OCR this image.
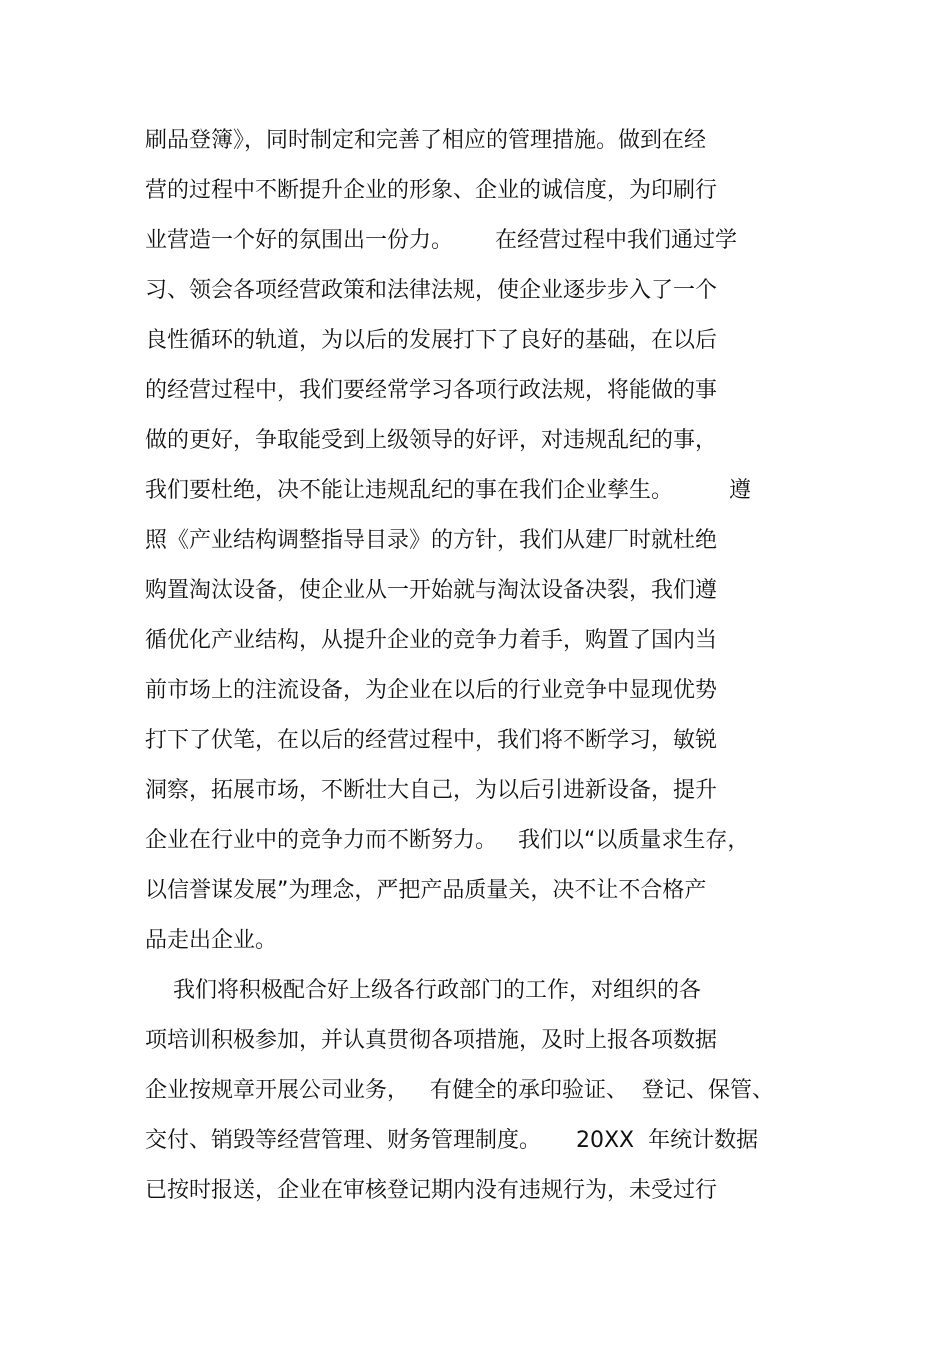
刷品登簿》，同时制定和完善了相应的管理措施。做到在经
营的过程中不断提升企业的形象、企业的诚信度，为印刷行
业营造一个好的氛围出一份力。      在经营过程中我们通过学
习、领会各项经营政策和法律法规，使企业逐步步入了一个
良性循环的轨道，为以后的发展打下了良好的基础，在以后
的经营过程中，我们要经常学习各项行政法规，将能做的事
做的更好，争取能受到上级领导的好评，对违规乱纪的事，
我们要杜绝，决不能让违规乱纪的事在我们企业孳生。        遵
照《产业结构调整指导目录》的方针，我们从建厂时就杜绝
购置淘汰设备，使企业从一开始就与淘汰设备决裂，我们遵
循优化产业结构，从提升企业的竞争力着手，购置了国内当
前市场上的注流设备，为企业在以后的行业竞争中显现优势
打下了伏笔，在以后的经营过程中，我们将不断学习，敏锐
洞察，拓展市场，不断壮大自己，为以后引进新设备，提升
企业在行业中的竞争力而不断努力。   我们以“以质量求生存，
以信誉谋发展”为理念，严把产品质量关，决不让不合格产
品走出企业。
我们将积极配合好上级各行政部门的工作，对组织的各
项培训积极参加，并认真贯彻各项措施，及时上报各项数据
企业按规章开展公司业务，   有健全的承印验证、  登记、保管、
交付、销毁等经营管理、财务管理制度。     20XX  年统计数据
已按时报送，企业在审核登记期内没有违规行为，未受过行
